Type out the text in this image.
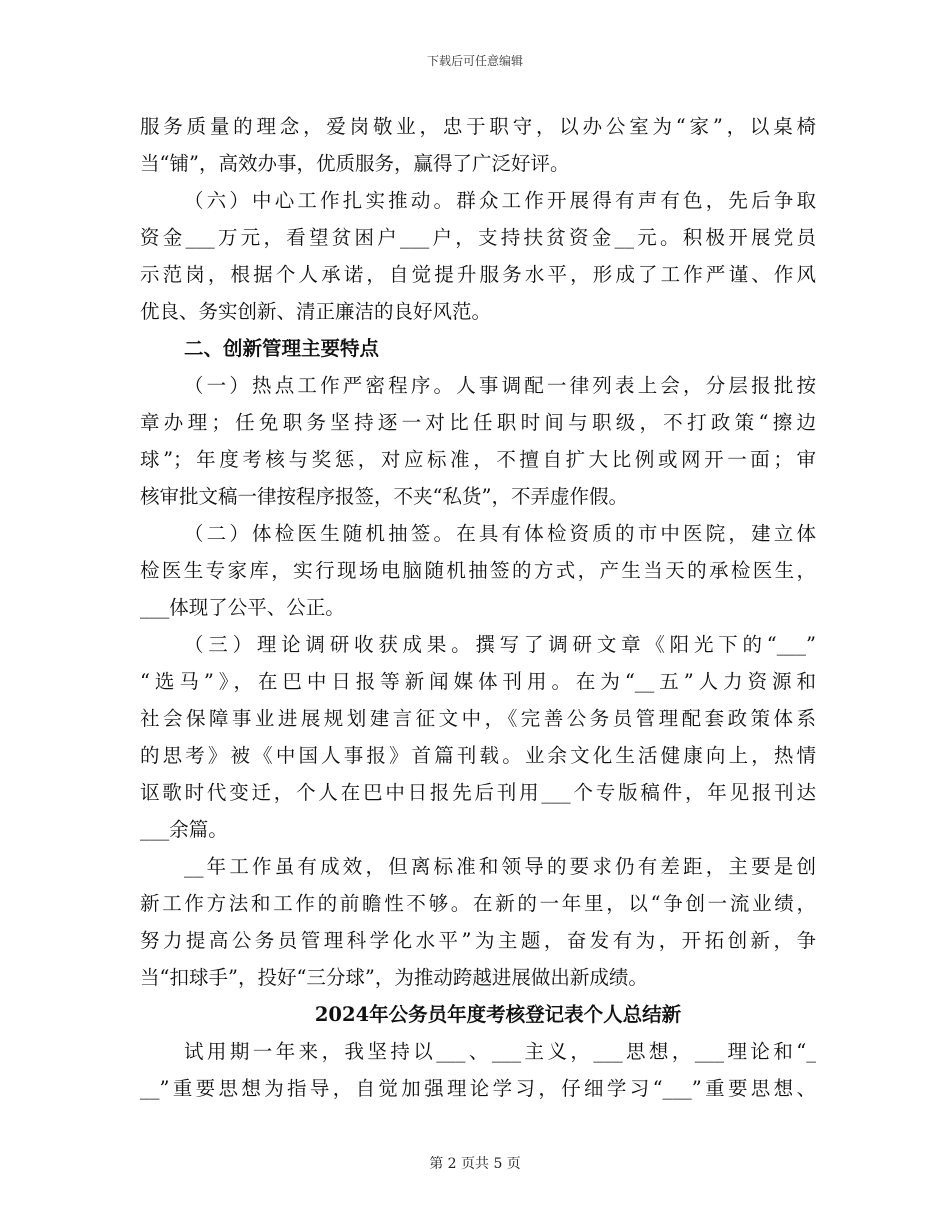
下载后可任意编辑
服务质量的理念，爱岗敬业，忠于职守，以办公室为“家”，以桌椅
当“铺”，高效办事，优质服务，赢得了广泛好评。
（六）中心工作扎实推动。群众工作开展得有声有色，先后争取
资金___万元，看望贫困户___户，支持扶贫资金__元。积极开展党员
示范岗，根据个人承诺，自觉提升服务水平，形成了工作严谨、作风
优良、务实创新、清正廉洁的良好风范。
二、创新管理主要特点
（一）热点工作严密程序。人事调配一律列表上会，分层报批按
章办理；任免职务坚持逐一对比任职时间与职级，不打政策“擦边
球”；年度考核与奖惩，对应标准，不擅自扩大比例或网开一面；审
核审批文稿一律按程序报签，不夹“私货”，不弄虚作假。
（二）体检医生随机抽签。在具有体检资质的市中医院，建立体
检医生专家库，实行现场电脑随机抽签的方式，产生当天的承检医生，
___体现了公平、公正。
（三）理论调研收获成果。撰写了调研文章《阳光下的“___”
“选马”》，在巴中日报等新闻媒体刊用。在为“__五”人力资源和
社会保障事业进展规划建言征文中，《完善公务员管理配套政策体系
的思考》被《中国人事报》首篇刊载。业余文化生活健康向上，热情
讴歌时代变迁，个人在巴中日报先后刊用___个专版稿件，年见报刊达
___余篇。
__年工作虽有成效，但离标准和领导的要求仍有差距，主要是创
新工作方法和工作的前瞻性不够。在新的一年里，以“争创一流业绩，
努力提高公务员管理科学化水平”为主题，奋发有为，开拓创新，争
当“扣球手”，投好“三分球”，为推动跨越进展做出新成绩。
2024年公务员年度考核登记表个人总结新
试用期一年来，我坚持以___、___主义，___思想，___理论和“_
__”重要思想为指导，自觉加强理论学习，仔细学习“___”重要思想、
第 2 页共 5 页
